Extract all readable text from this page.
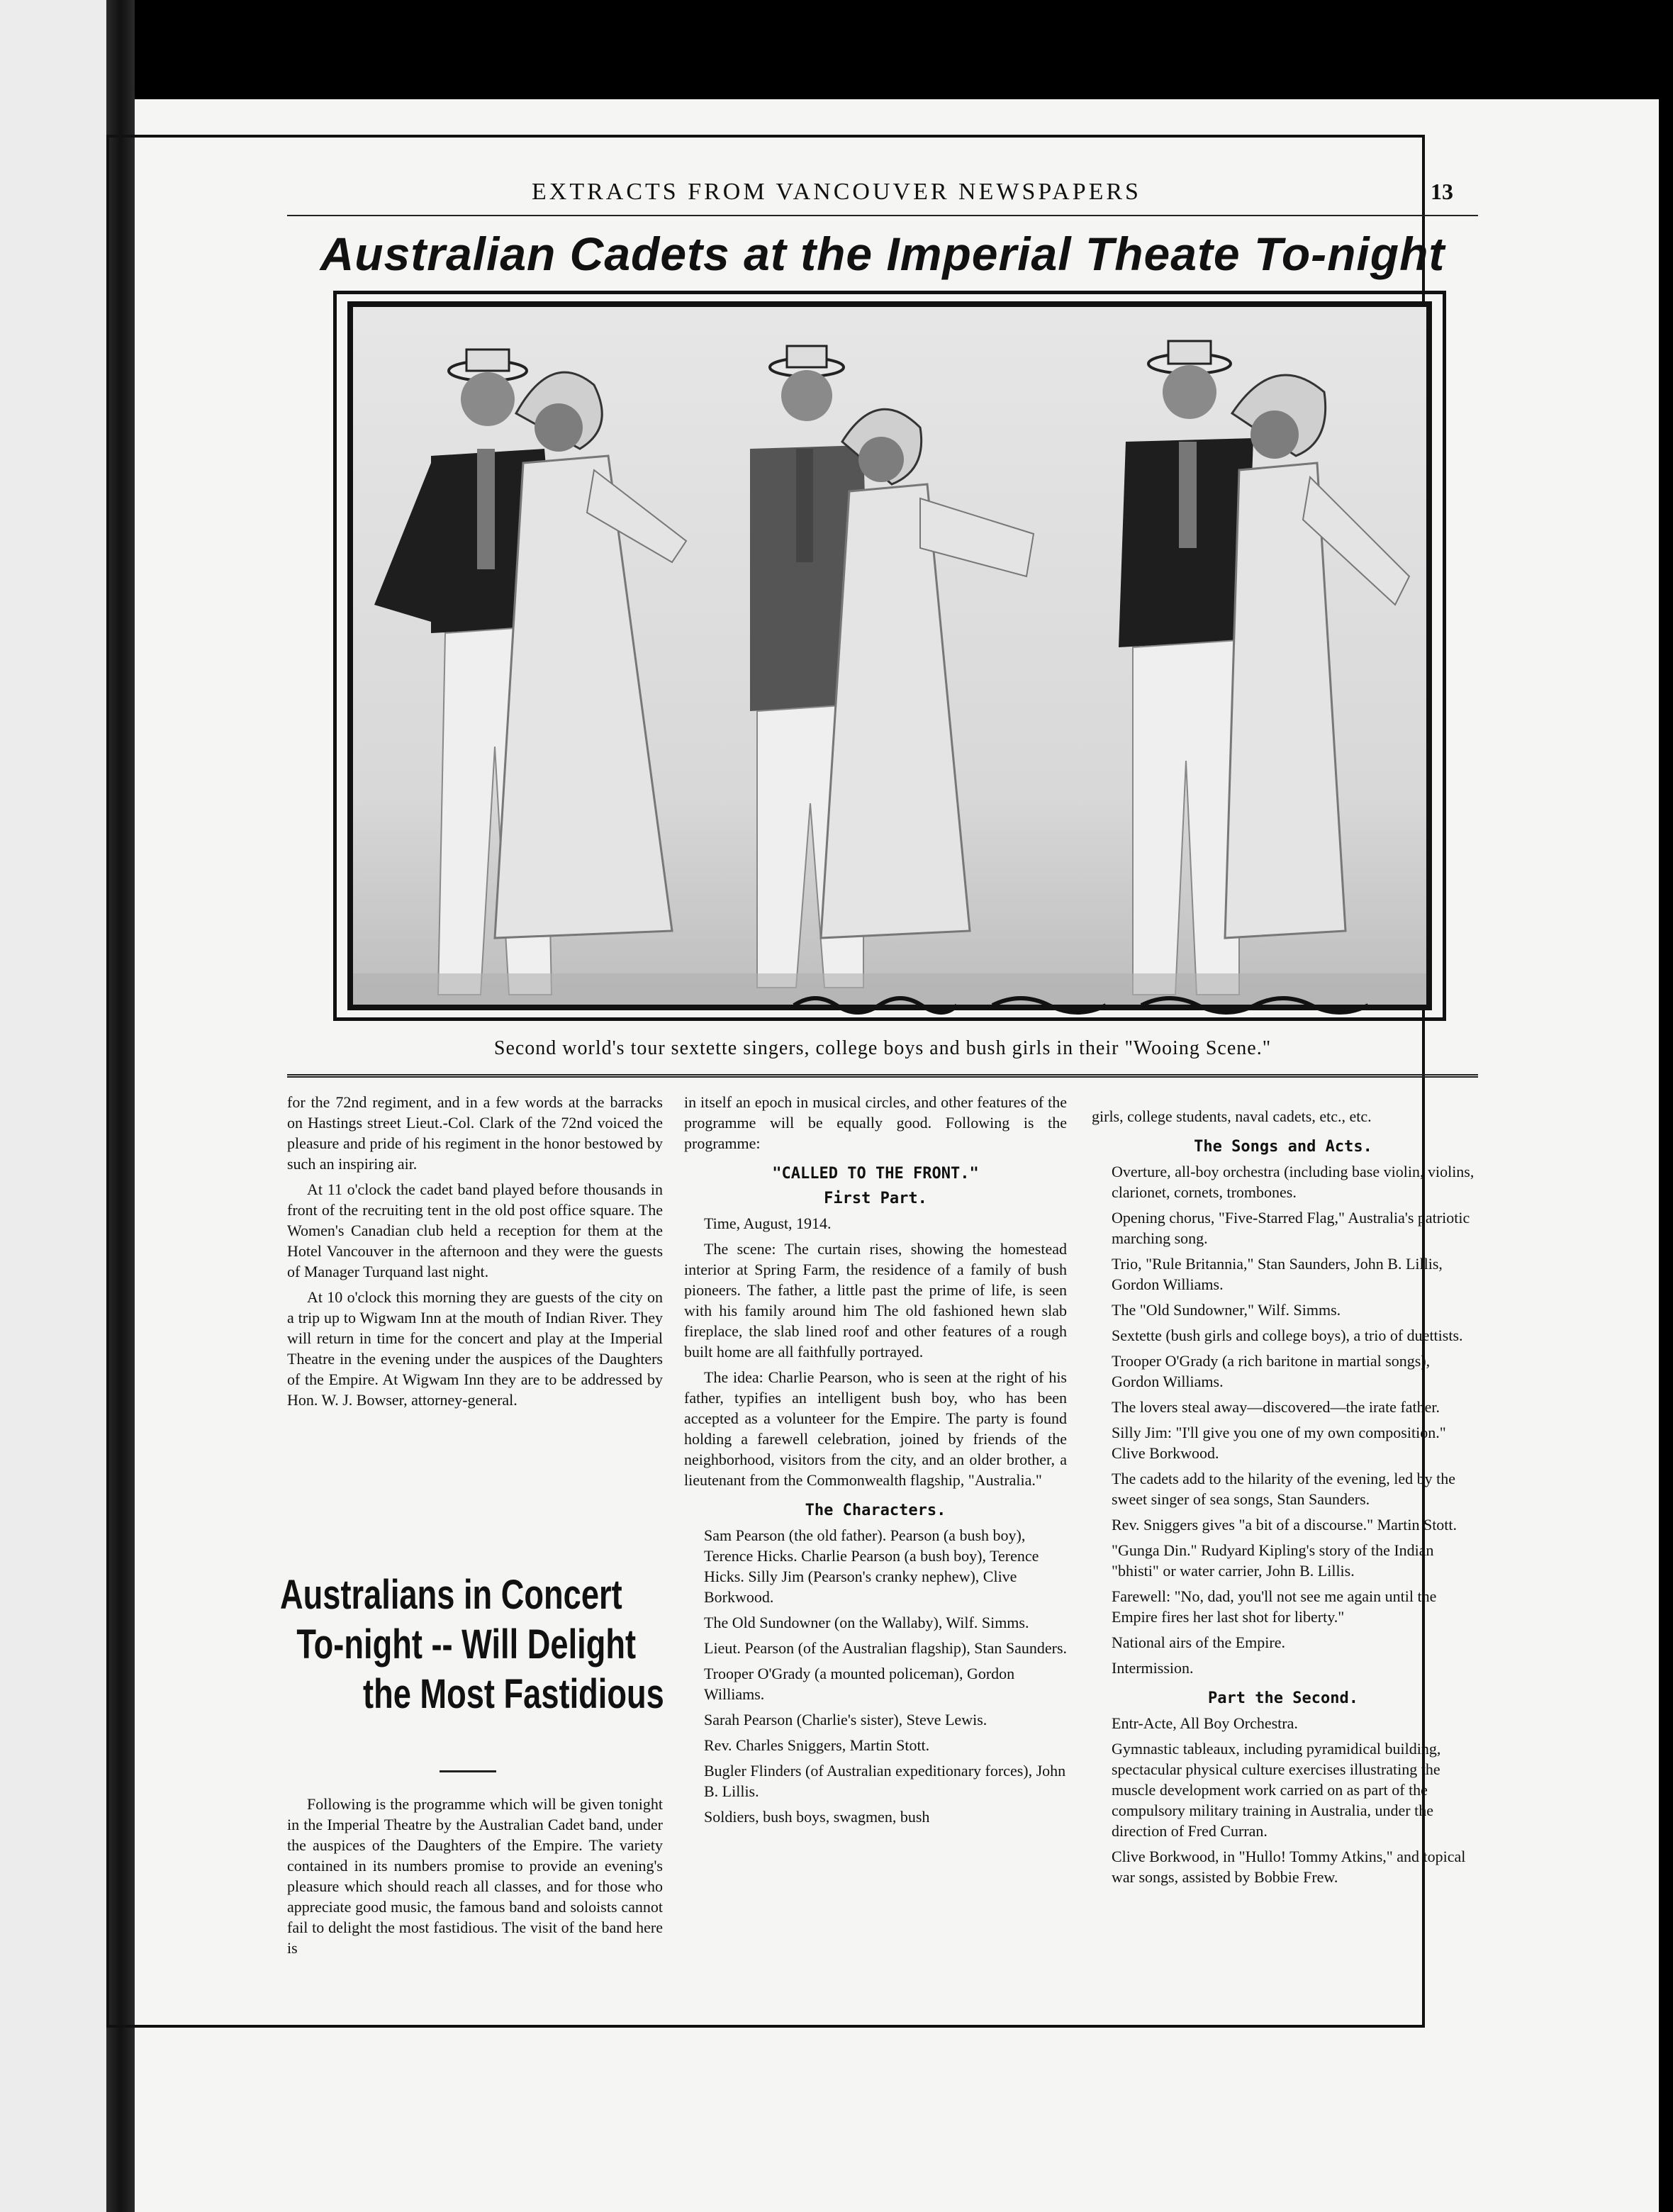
EXTRACTS FROM VANCOUVER NEWSPAPERS	13
Australian Cadets at the Imperial Theate To-night
Second world's tour sextette singers, college boys and bush girls in their "Wooing Scene."

for the 72nd regiment, and in a few words at the barracks on Hastings street Lieut.-Col. Clark of the 72nd voiced the pleasure and pride of his regiment in the honor bestowed by such an inspiring air.

At 11 o'clock the cadet band played before thousands in front of the recruiting tent in the old post office square. The Women's Canadian club held a reception for them at the Hotel Vancouver in the afternoon and they were the guests of Manager Turquand last night.

At 10 o'clock this morning they are guests of the city on a trip up to Wigwam Inn at the mouth of Indian River. They will return in time for the concert and play at the Imperial Theatre in the evening under the auspices of the Daughters of the Empire. At Wigwam Inn they are to be addressed by Hon. W. J. Bowser, attorney-general.

Australians in Concert
To-night -- Will Delight
the Most Fastidious

Following is the programme which will be given tonight in the Imperial Theatre by the Australian Cadet band, under the auspices of the Daughters of the Empire. The variety contained in its numbers promise to provide an evening's pleasure which should reach all classes, and for those who appreciate good music, the famous band and soloists cannot fail to delight the most fastidious. The visit of the band here is

in itself an epoch in musical circles, and other features of the programme will be equally good. Following is the programme:

"CALLED TO THE FRONT."
First Part.

Time, August, 1914.

The scene: The curtain rises, showing the homestead interior at Spring Farm, the residence of a family of bush pioneers. The father, a little past the prime of life, is seen with his family around him The old fashioned hewn slab fireplace, the slab lined roof and other features of a rough built home are all faithfully portrayed.

The idea: Charlie Pearson, who is seen at the right of his father, typifies an intelligent bush boy, who has been accepted as a volunteer for the Empire. The party is found holding a farewell celebration, joined by friends of the neighborhood, visitors from the city, and an older brother, a lieutenant from the Commonwealth flagship, "Australia."

The Characters.

Sam Pearson (the old father). Pearson (a bush boy), Terence Hicks. Charlie Pearson (a bush boy), Terence Hicks. Silly Jim (Pearson's cranky nephew), Clive Borkwood.

The Old Sundowner (on the Wallaby), Wilf. Simms.

Lieut. Pearson (of the Australian flagship), Stan Saunders.

Trooper O'Grady (a mounted policeman), Gordon Williams.

Sarah Pearson (Charlie's sister), Steve Lewis.

Rev. Charles Sniggers, Martin Stott.

Bugler Flinders (of Australian expeditionary forces), John B. Lillis.

Soldiers, bush boys, swagmen, bush

girls, college students, naval cadets, etc., etc.

The Songs and Acts.

Overture, all-boy orchestra (including base violin, violins, clarionet, cornets, trombones.

Opening chorus, "Five-Starred Flag," Australia's patriotic marching song.

Trio, "Rule Britannia," Stan Saunders, John B. Lillis, Gordon Williams.

The "Old Sundowner," Wilf. Simms.

Sextette (bush girls and college boys), a trio of duettists.

Trooper O'Grady (a rich baritone in martial songs), Gordon Williams.

The lovers steal away—discovered—the irate father.

Silly Jim: "I'll give you one of my own composition." Clive Borkwood.

The cadets add to the hilarity of the evening, led by the sweet singer of sea songs, Stan Saunders.

Rev. Sniggers gives "a bit of a discourse." Martin Stott.

"Gunga Din." Rudyard Kipling's story of the Indian "bhisti" or water carrier, John B. Lillis.

Farewell: "No, dad, you'll not see me again until the Empire fires her last shot for liberty."

National airs of the Empire.

Intermission.

Part the Second.

Entr-Acte, All Boy Orchestra.

Gymnastic tableaux, including pyramidical building, spectacular physical culture exercises illustrating the muscle development work carried on as part of the compulsory military training in Australia, under the direction of Fred Curran.

Clive Borkwood, in "Hullo! Tommy Atkins," and topical war songs, assisted by Bobbie Frew.
